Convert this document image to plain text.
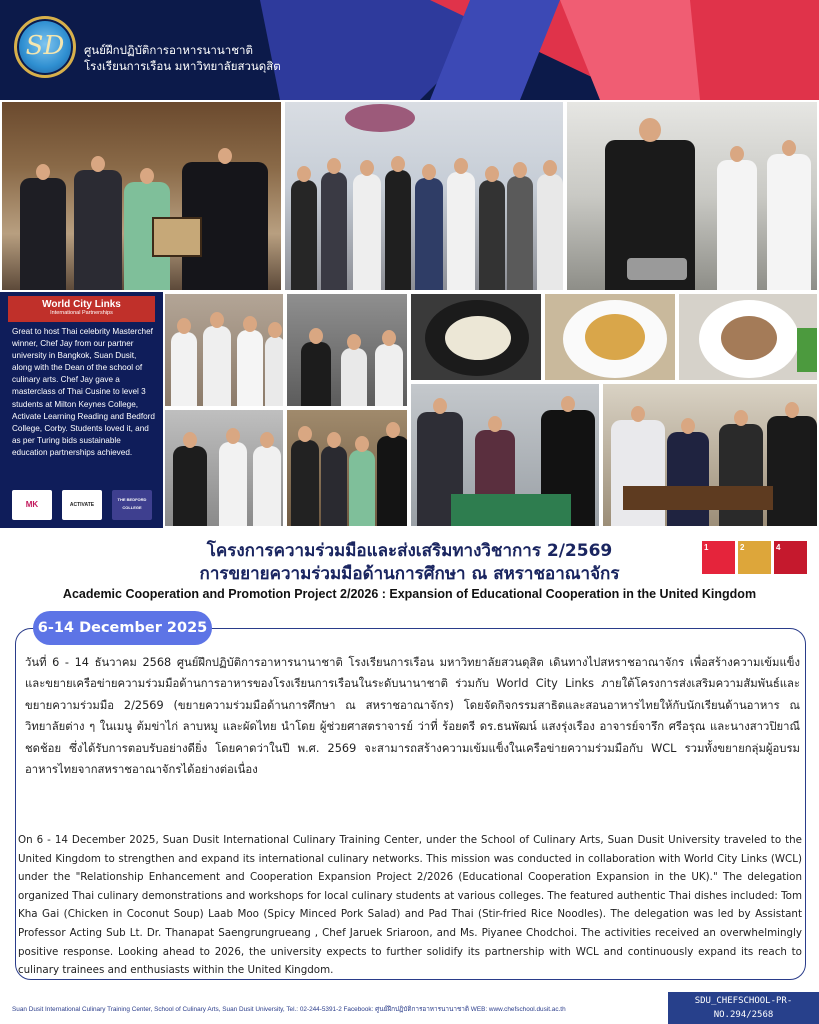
SD	ศูนย์ฝึกปฏิบัติการอาหารนานาชาติ
โรงเรียนการเรือน มหาวิทยาลัยสวนดุสิต
World City Links
International Partnerships
Great to host Thai celebrity Masterchef winner, Chef Jay from our partner university in Bangkok, Suan Dusit, along with the Dean of the school of culinary arts. Chef Jay gave a masterclass of Thai Cusine to level 3 students at Milton Keynes College, Activate Learning Reading and Bedford College, Corby. Students loved it, and as per Turing bids sustainable education partnerships achieved.
MK	ACTIVATE
THE BEDFORD COLLEGE
โครงการความร่วมมือและส่งเสริมทางวิชาการ 2/2569
การขยายความร่วมมือด้านการศึกษา ณ สหราชอาณาจักร
Academic Cooperation and Promotion Project 2/2026 : Expansion of Educational Cooperation in the United Kingdom
1	2	4
6-14 December 2025
วันที่ 6 - 14 ธันวาคม 2568 ศูนย์ฝึกปฏิบัติการอาหารนานาชาติ โรงเรียนการเรือน มหาวิทยาลัยสวนดุสิต เดินทางไปสหราชอาณาจักร เพื่อสร้างความเข้มแข็งและขยายเครือข่ายความร่วมมือด้านการอาหารของโรงเรียนการเรือนในระดับนานาชาติ ร่วมกับ World City Links ภายใต้โครงการส่งเสริมความสัมพันธ์และขยายความร่วมมือ 2/2569 (ขยายความร่วมมือด้านการศึกษา ณ สหราชอาณาจักร) โดยจัดกิจกรรมสาธิตและสอนอาหารไทยให้กับนักเรียนด้านอาหาร ณ วิทยาลัยต่าง ๆ ในเมนู ต้มข่าไก่ ลาบหมู และผัดไทย นำโดย ผู้ช่วยศาสตราจารย์ ว่าที่ ร้อยตรี ดร.ธนพัฒน์ แสงรุ่งเรือง อาจารย์จารึก ศรีอรุณ และนางสาวปิยาณี ชดช้อย ซึ่งได้รับการตอบรับอย่างดียิ่ง โดยคาดว่าในปี พ.ศ. 2569 จะสามารถสร้างความเข้มแข็งในเครือข่ายความร่วมมือกับ WCL รวมทั้งขยายกลุ่มผู้อบรมอาหารไทยจากสหราชอาณาจักรได้อย่างต่อเนื่อง
On 6 - 14 December 2025, Suan Dusit International Culinary Training Center, under the School of Culinary Arts, Suan Dusit University traveled to the United Kingdom to strengthen and expand its international culinary networks. This mission was conducted in collaboration with World City Links (WCL) under the "Relationship Enhancement and Cooperation Expansion Project 2/2026 (Educational Cooperation Expansion in the UK)." The delegation organized Thai culinary demonstrations and workshops for local culinary students at various colleges. The featured authentic Thai dishes included: Tom Kha Gai (Chicken in Coconut Soup) Laab Moo (Spicy Minced Pork Salad) and Pad Thai (Stir-fried Rice Noodles). The delegation was led by Assistant Professor Acting Sub Lt. Dr. Thanapat Saengrungrueang , Chef Jaruek Sriaroon, and Ms. Piyanee Chodchoi. The activities received an overwhelmingly positive response. Looking ahead to 2026, the university expects to further solidify its partnership with WCL and continuously expand its reach to culinary trainees and enthusiasts within the United Kingdom.
Suan Dusit International Culinary Training Center, School of Culinary Arts, Suan Dusit University, Tel.: 02-244-5391-2 Facebook: ศูนย์ฝึกปฏิบัติการอาหารนานาชาติ WEB: www.chefschool.dusit.ac.th
SDU_CHEFSCHOOL-PR-
NO.294/2568
